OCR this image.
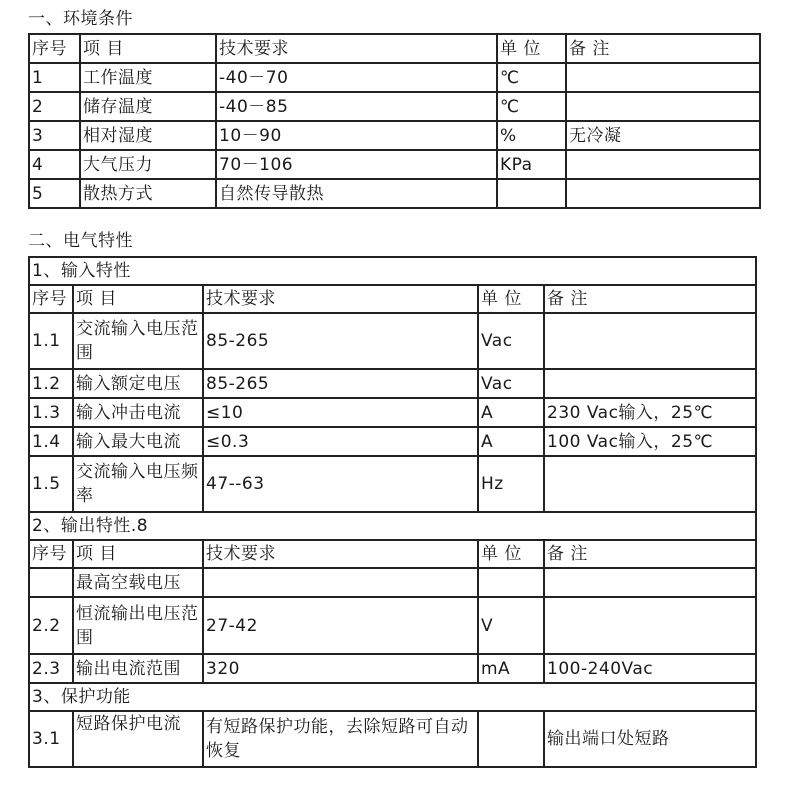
一、环境条件
序号	项 目	技术要求	单 位	备 注
1	工作温度	-40－70	℃	
2	储存温度	-40－85	℃	
3	相对湿度	10－90	%	无冷凝
4	大气压力	70－106	KPa	
5	散热方式	自然传导散热		
二、电气特性
1、输入特性				
序号	项 目	技术要求	单 位	备 注
1.1	交流输入电压范围	85-265	Vac	
1.2	输入额定电压	85-265	Vac	
1.3	输入冲击电流	≤10	A	230 Vac输入，25℃
1.4	输入最大电流	≤0.3	A	100 Vac输入，25℃
1.5	交流输入电压频率	47--63	Hz	
2、输出特性.8				
序号	项 目	技术要求	单 位	备 注
	最高空载电压			
2.2	恒流输出电压范围	27-42	V	
2.3	输出电流范围	320	mA	100-240Vac
3、保护功能				
3.1	短路保护电流	有短路保护功能，去除短路可自动恢复		输出端口处短路
